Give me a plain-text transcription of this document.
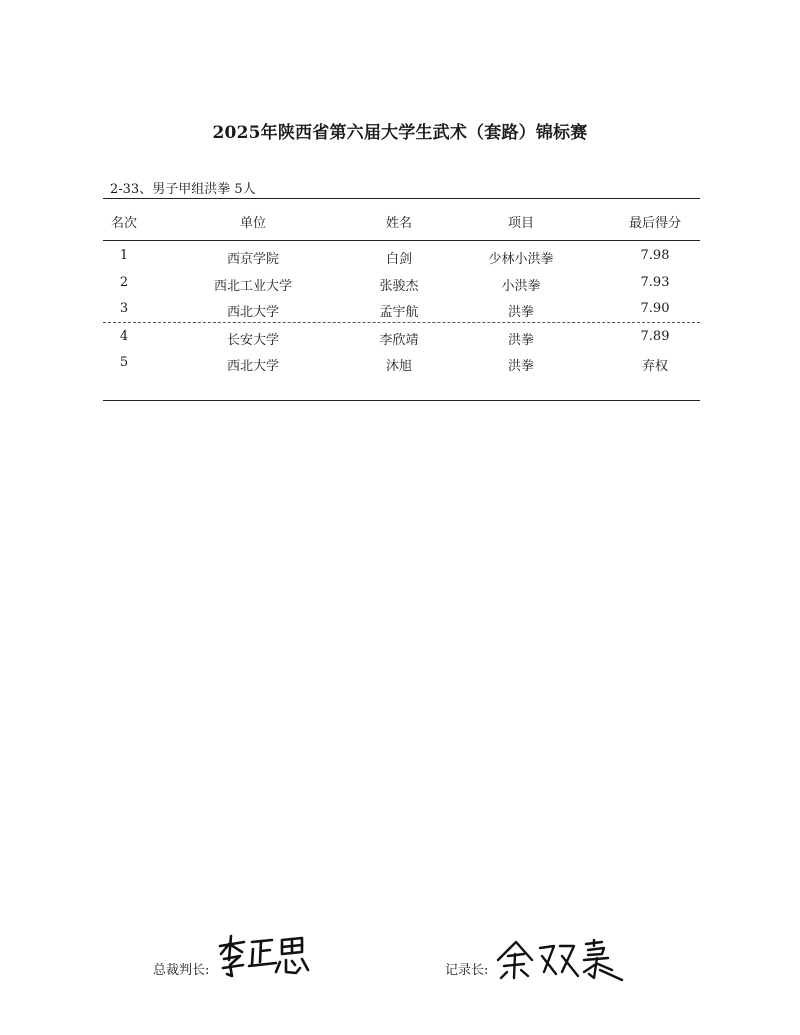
2025年陕西省第六届大学生武术（套路）锦标赛
2-33、男子甲组洪拳 5人
名次	单位	姓名	项目	最后得分
1	西京学院	白剑	少林小洪拳	7.98
2	西北工业大学	张骏杰	小洪拳	7.93
3	西北大学	孟宇航	洪拳	7.90
4	长安大学	李欣靖	洪拳	7.89
5	西北大学	沐旭	洪拳	弃权
总裁判长:	记录长:
